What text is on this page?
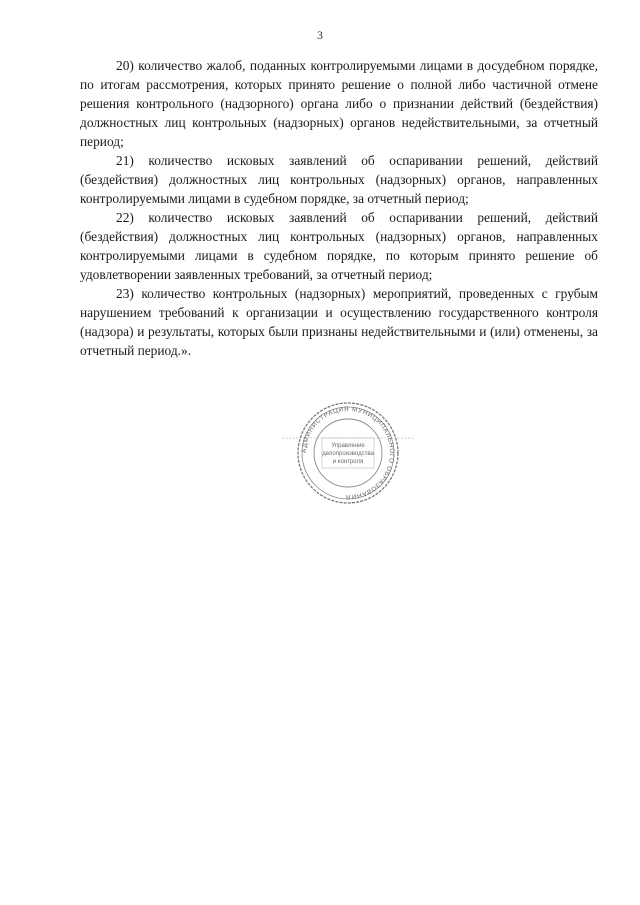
3

20) количество жалоб, поданных контролируемыми лицами в досудебном порядке, по итогам рассмотрения, которых принято решение о полной либо частичной отмене решения контрольного (надзорного) органа либо о признании действий (бездействия) должностных лиц контрольных (надзорных) органов недействительными, за отчетный период;

21) количество исковых заявлений об оспаривании решений, действий (бездействия) должностных лиц контрольных (надзорных) органов, направленных контролируемыми лицами в судебном порядке, за отчетный период;

22) количество исковых заявлений об оспаривании решений, действий (бездействия) должностных лиц контрольных (надзорных) органов, направленных контролируемыми лицами в судебном порядке, по которым принято решение об удовлетворении заявленных требований, за отчетный период;

23) количество контрольных (надзорных) мероприятий, проведенных с грубым нарушением требований к организации и осуществлению государственного контроля (надзора) и результаты, которых были признаны недействительными и (или) отменены, за отчетный период.».

АДМИНИСТРАЦИЯ МУНИЦИПАЛЬНОГО ОБРАЗОВАНИЯ
Управление
делопроизводства
и контроля
